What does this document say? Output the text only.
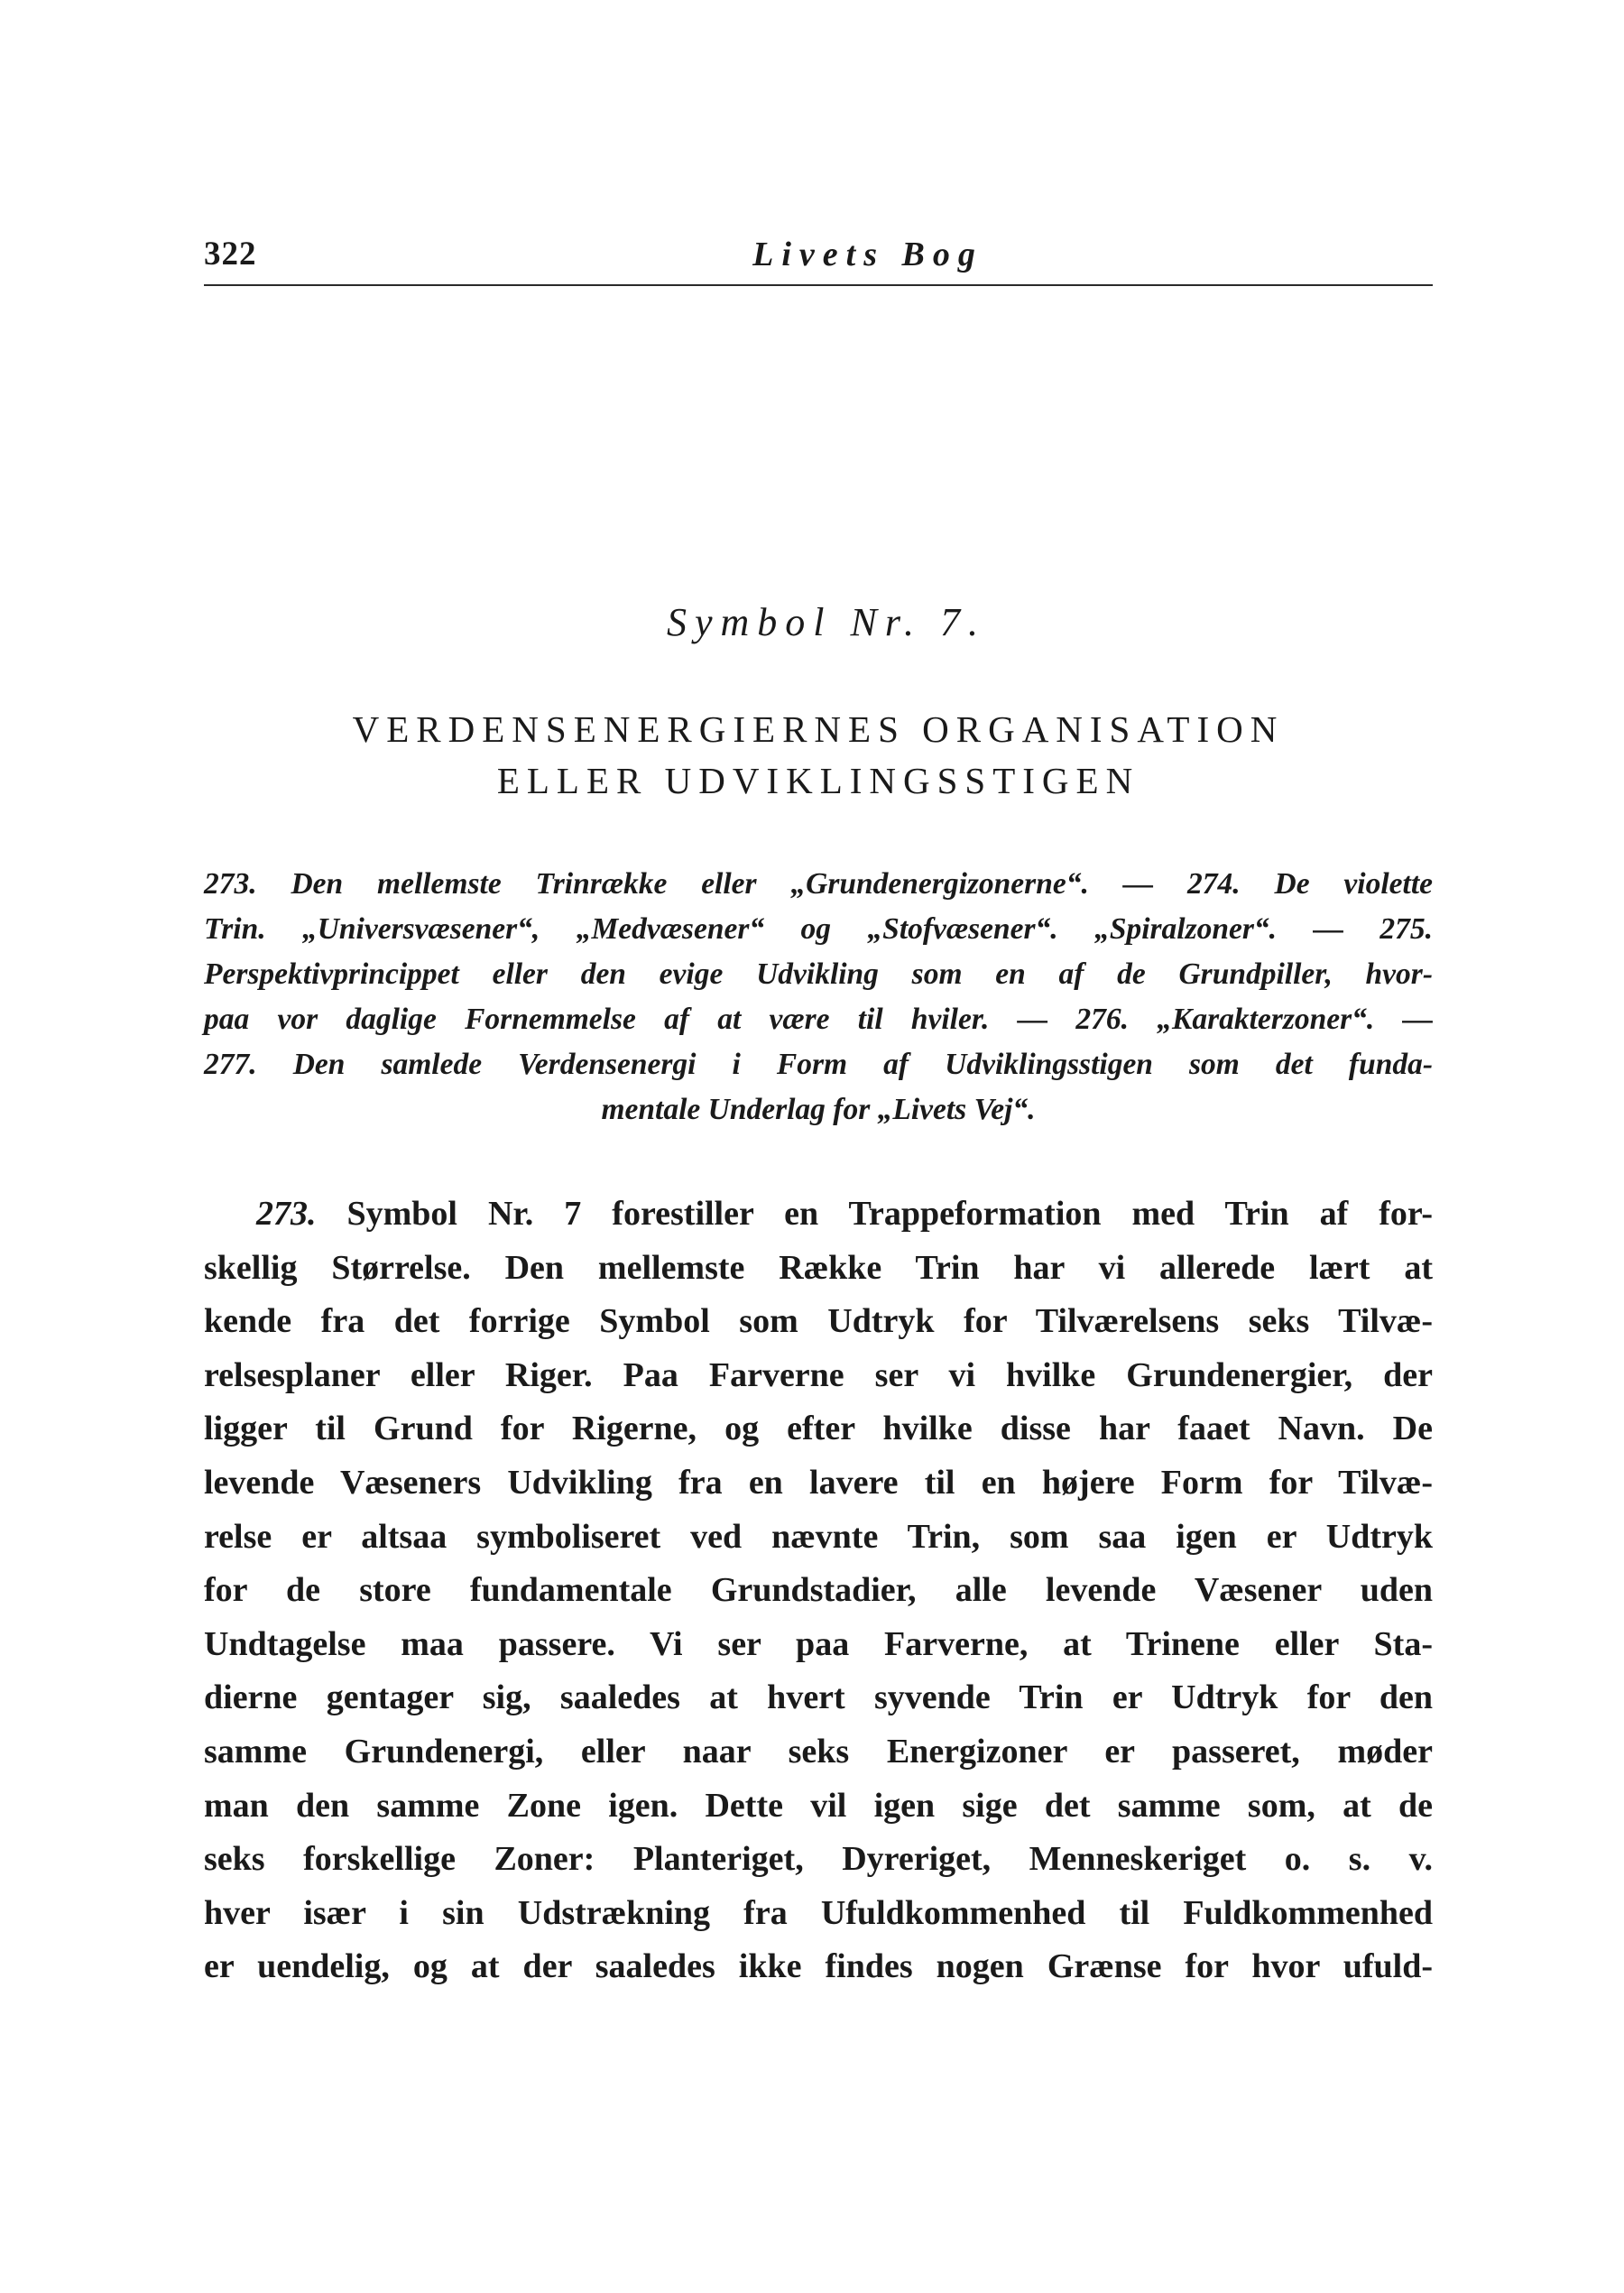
322	Livets Bog
Symbol Nr. 7.
VERDENSENERGIERNES ORGANISATION
ELLER UDVIKLINGSSTIGEN
273. Den mellemste Trinrække eller „Grundenergizonerne“. — 274. De violette
Trin. „Universvæsener“, „Medvæsener“ og „Stofvæsener“. „Spiralzoner“. — 275.
Perspektivprincippet eller den evige Udvikling som en af de Grundpiller, hvor-
paa vor daglige Fornemmelse af at være til hviler. — 276. „Karakterzoner“. —
277. Den samlede Verdensenergi i Form af Udviklingsstigen som det funda-
mentale Underlag for „Livets Vej“.
273. Symbol Nr. 7 forestiller en Trappeformation med Trin af for-
skellig Størrelse. Den mellemste Række Trin har vi allerede lært at
kende fra det forrige Symbol som Udtryk for Tilværelsens seks Tilvæ-
relsesplaner eller Riger. Paa Farverne ser vi hvilke Grundenergier, der
ligger til Grund for Rigerne, og efter hvilke disse har faaet Navn. De
levende Væseners Udvikling fra en lavere til en højere Form for Tilvæ-
relse er altsaa symboliseret ved nævnte Trin, som saa igen er Udtryk
for de store fundamentale Grundstadier, alle levende Væsener uden
Undtagelse maa passere. Vi ser paa Farverne, at Trinene eller Sta-
dierne gentager sig, saaledes at hvert syvende Trin er Udtryk for den
samme Grundenergi, eller naar seks Energizoner er passeret, møder
man den samme Zone igen. Dette vil igen sige det samme som, at de
seks forskellige Zoner: Planteriget, Dyreriget, Menneskeriget o. s. v.
hver især i sin Udstrækning fra Ufuldkommenhed til Fuldkommenhed
er uendelig, og at der saaledes ikke findes nogen Grænse for hvor ufuld-
